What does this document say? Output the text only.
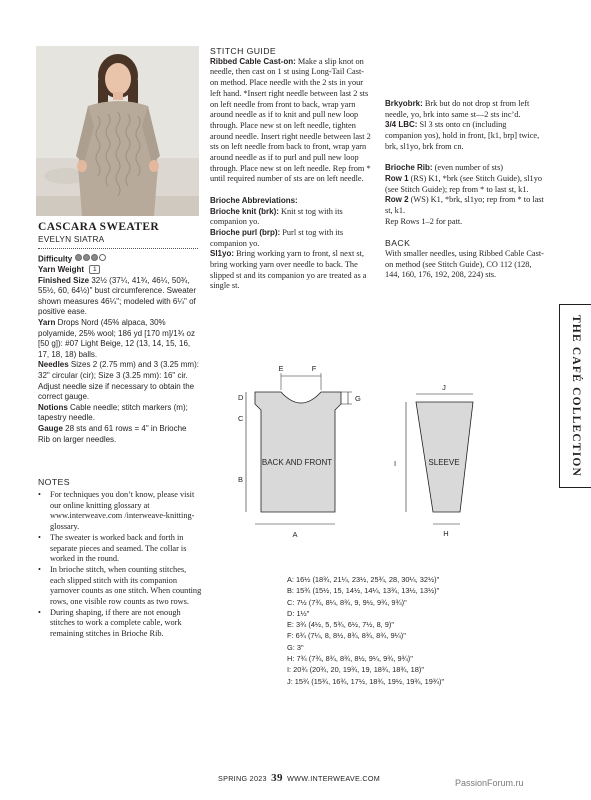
CASCARA SWEATER
EVELYN SIATRA

Difficulty

Yarn Weight 1

Finished Size 32½ (37¼, 41¾, 46¼, 50¾, 55½, 60, 64½)" bust circumference. Sweater shown measures 46¼"; modeled with 6¼" of positive ease.

Yarn Drops Nord (45% alpaca, 30% polyamide, 25% wool; 186 yd [170 m]/1¾ oz [50 g]): #07 Light Beige, 12 (13, 14, 15, 16, 17, 18, 18) balls.

Needles Sizes 2 (2.75 mm) and 3 (3.25 mm): 32" circular (cir); Size 3 (3.25 mm): 16" cir. Adjust needle size if necessary to obtain the correct gauge.

Notions Cable needle; stitch markers (m); tapestry needle.

Gauge 28 sts and 61 rows = 4" in Brioche Rib on larger needles.

NOTES
• For techniques you don’t know, please visit our online knitting glossary at www.interweave.com /interweave-knitting-glossary.
• The sweater is worked back and forth in separate pieces and seamed. The collar is worked in the round.
• In brioche stitch, when counting stitches, each slipped stitch with its companion yarnover counts as one stitch. When counting rows, one visible row counts as two rows.
• During shaping, if there are not enough stitches to work a complete cable, work remaining stitches in Brioche Rib.
STITCH GUIDE

Ribbed Cable Cast-on: Make a slip knot on needle, then cast on 1 st using Long-Tail Cast-on method. Place needle with the 2 sts in your left hand. *Insert right needle between last 2 sts on left needle from front to back, wrap yarn around needle as if to knit and pull new loop through. Place new st on left needle, tighten around needle. Insert right needle between last 2 sts on left needle from back to front, wrap yarn around needle as if to purl and pull new loop through. Place new st on left needle. Rep from * until required number of sts are on left needle.

Brioche Abbreviations:

Brioche knit (brk): Knit st tog with its companion yo.

Brioche purl (brp): Purl st tog with its companion yo.

Sl1yo: Bring working yarn to front, sl next st, bring working yarn over needle to back. The slipped st and its companion yo are treated as a single st.

Brkyobrk: Brk but do not drop st from left needle, yo, brk into same st—2 sts inc’d.

3/4 LBC: Sl 3 sts onto cn (including companion yos), hold in front, [k1, brp] twice, brk, sl1yo, brk from cn.

Brioche Rib: (even number of sts)

Row 1 (RS) K1, *brk (see Stitch Guide), sl1yo (see Stitch Guide); rep from * to last st, k1.

Row 2 (WS) K1, *brk, sl1yo; rep from * to last st, k1.

Rep Rows 1–2 for patt.

BACK

With smaller needles, using Ribbed Cable Cast-on method (see Stitch Guide), CO 112 (128, 144, 160, 176, 192, 208, 224) sts.

THE CAFÉ COLLECTION
E	F
D
C
B
G
A
J
I
H
BACK AND FRONT	SLEEVE
A: 16½ (18¾, 21¼, 23½, 25¾, 28, 30¼, 32½)"
B: 15¾ (15½, 15, 14½, 14¼, 13¾, 13½, 13½)"
C: 7½ (7¾, 8¼, 8¾, 9, 9½, 9¾, 9¾)"
D: 1½"
E: 3¾ (4½, 5, 5¾, 6½, 7½, 8, 9)"
F: 6¾ (7¼, 8, 8½, 8¾, 8¾, 8¾, 9¼)"
G: 3"
H: 7¾ (7¾, 8¾, 8¾, 8½, 9¼, 9¾, 9¾)"
I: 20¾ (20¾, 20, 19¾, 19, 18¾, 18¾, 18)"
J: 15¾ (15¾, 16¾, 17½, 18¾, 19½, 19¾, 19¾)"
SPRING 2023 39 WWW.INTERWEAVE.COM	PassionForum.ru
